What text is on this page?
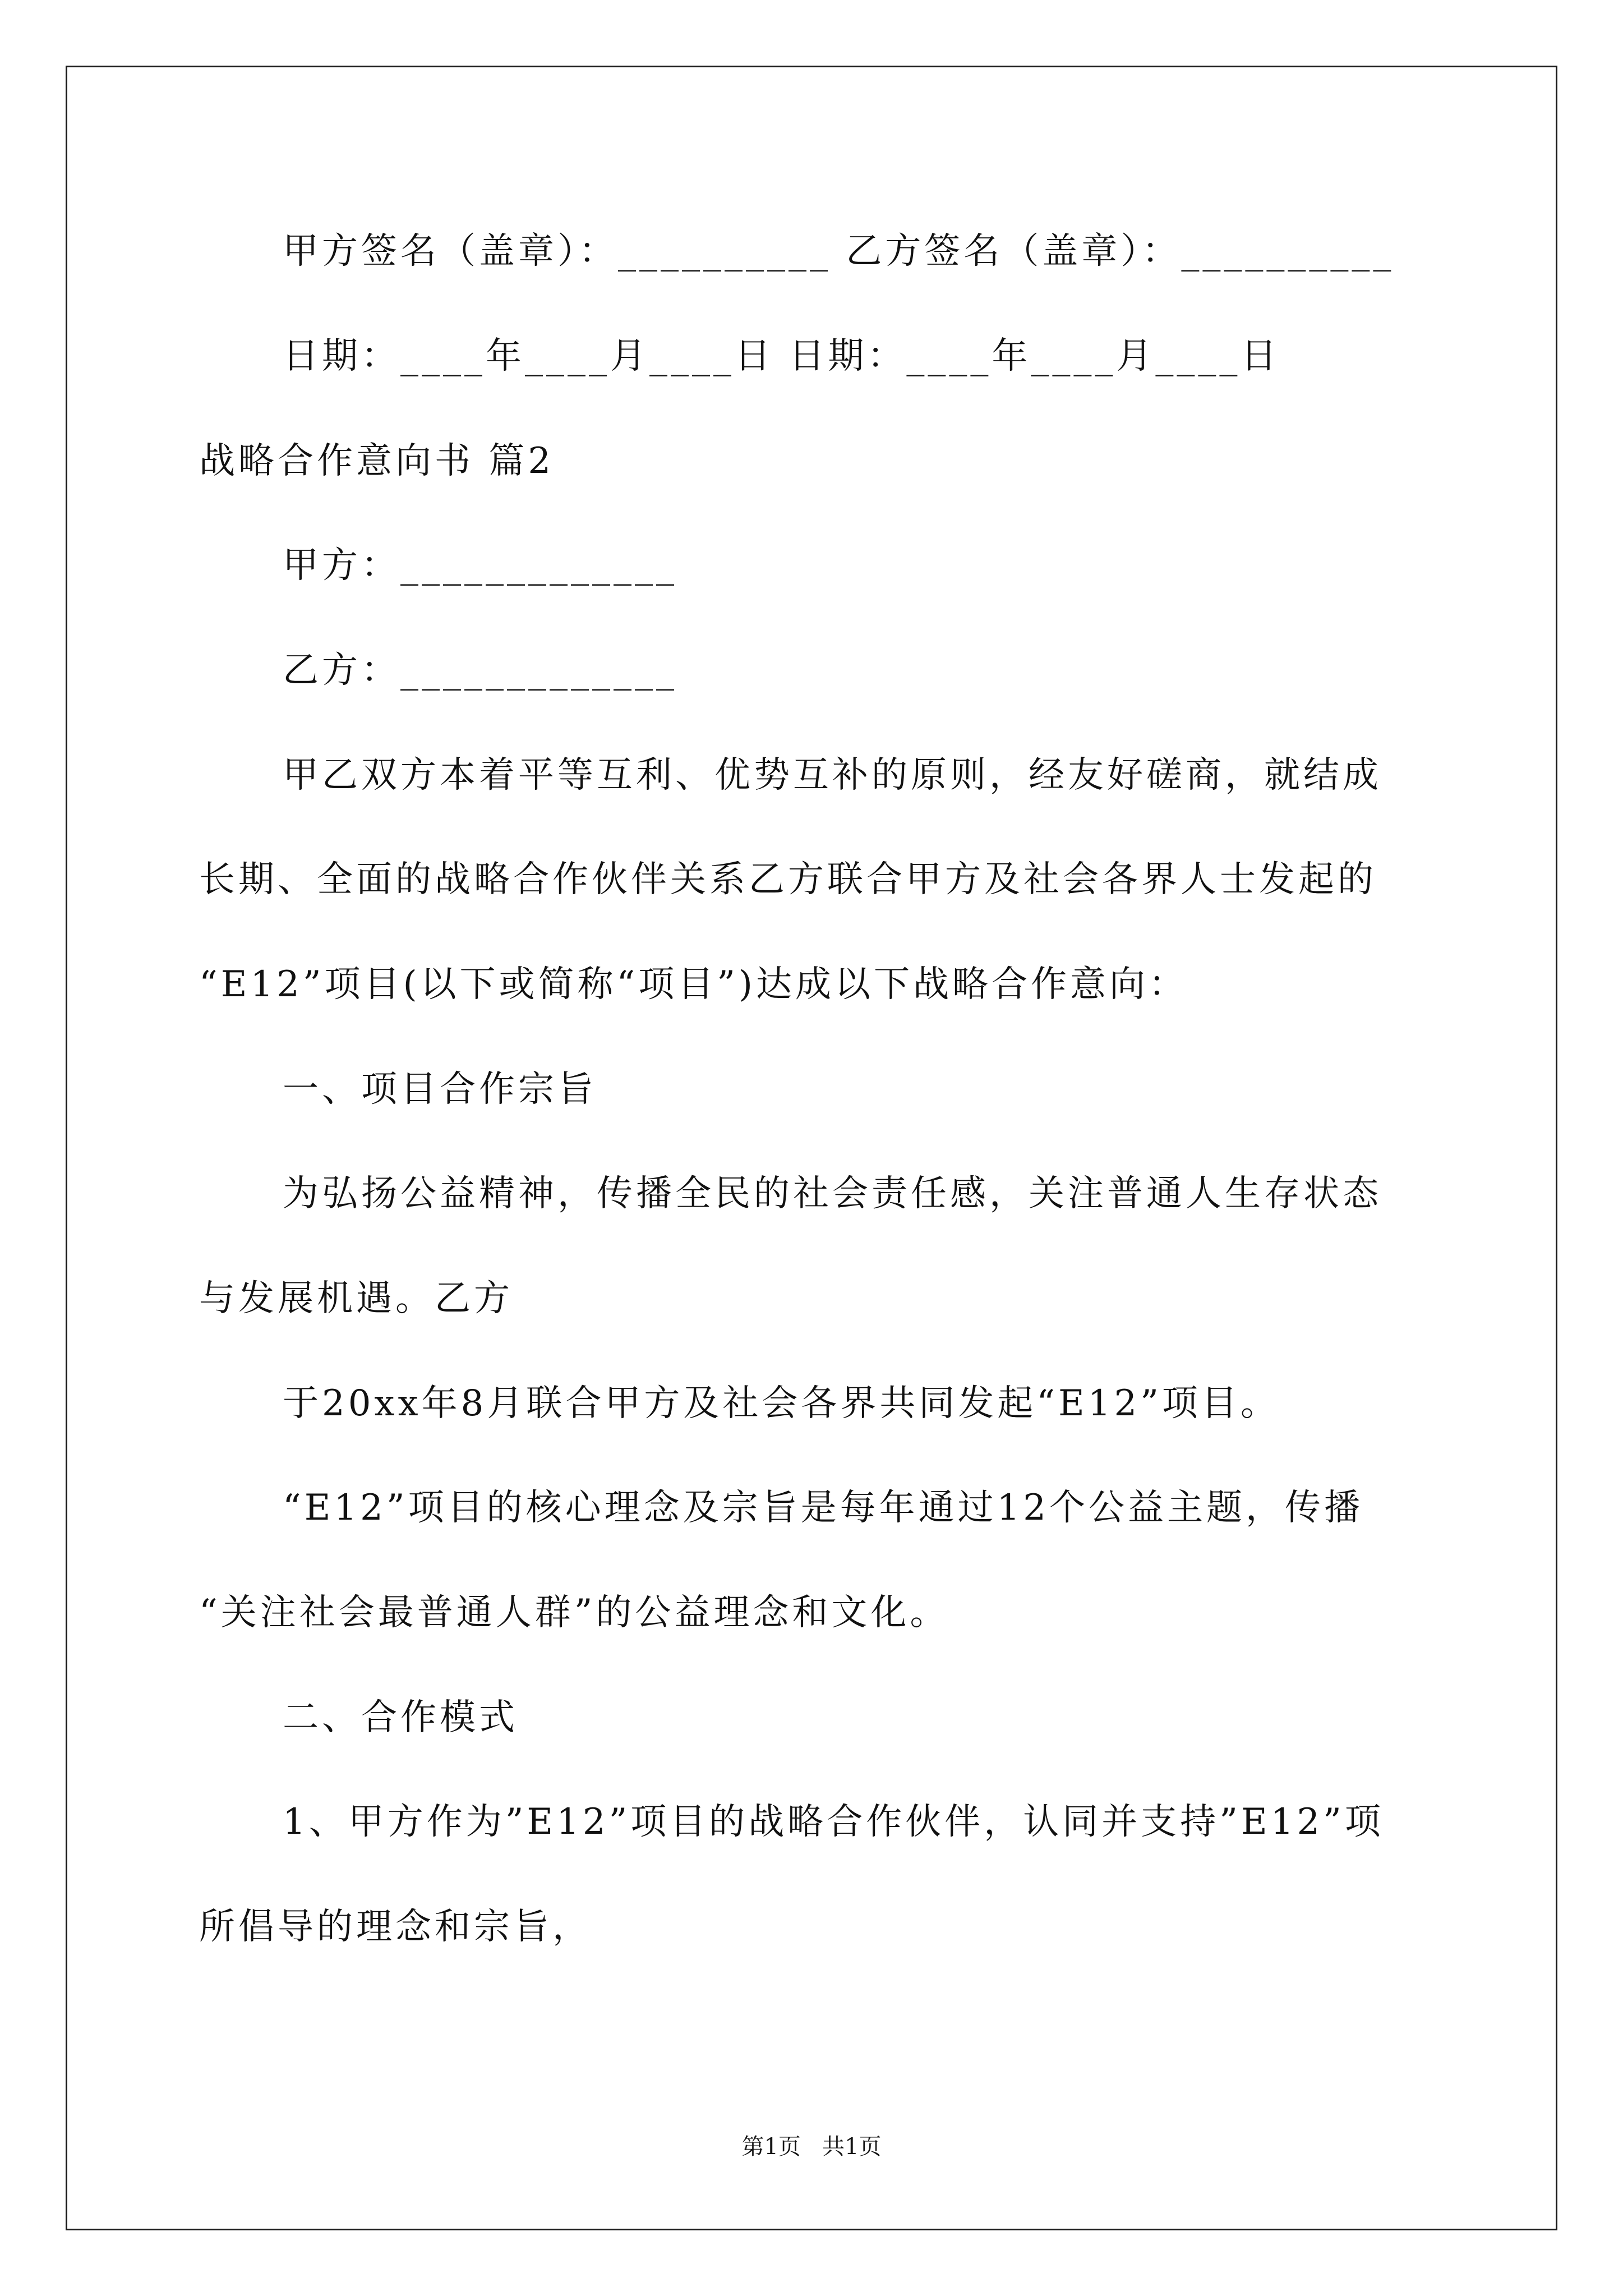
甲方签名（盖章）：__________ 乙方签名（盖章）：__________
日期：____年____月____日 日期：____年____月____日
战略合作意向书 篇2
甲方：_____________
乙方：_____________
甲乙双方本着平等互利、优势互补的原则，经友好磋商，就结成
长期、全面的战略合作伙伴关系乙方联合甲方及社会各界人士发起的
“E12”项目(以下或简称“项目”)达成以下战略合作意向：
一、项目合作宗旨
为弘扬公益精神，传播全民的社会责任感，关注普通人生存状态
与发展机遇。乙方
于20xx年8月联合甲方及社会各界共同发起“E12”项目。
“E12”项目的核心理念及宗旨是每年通过12个公益主题，传播
“关注社会最普通人群”的公益理念和文化。
二、合作模式
1、甲方作为”E12”项目的战略合作伙伴，认同并支持”E12”项
所倡导的理念和宗旨，
第1页   共1页
